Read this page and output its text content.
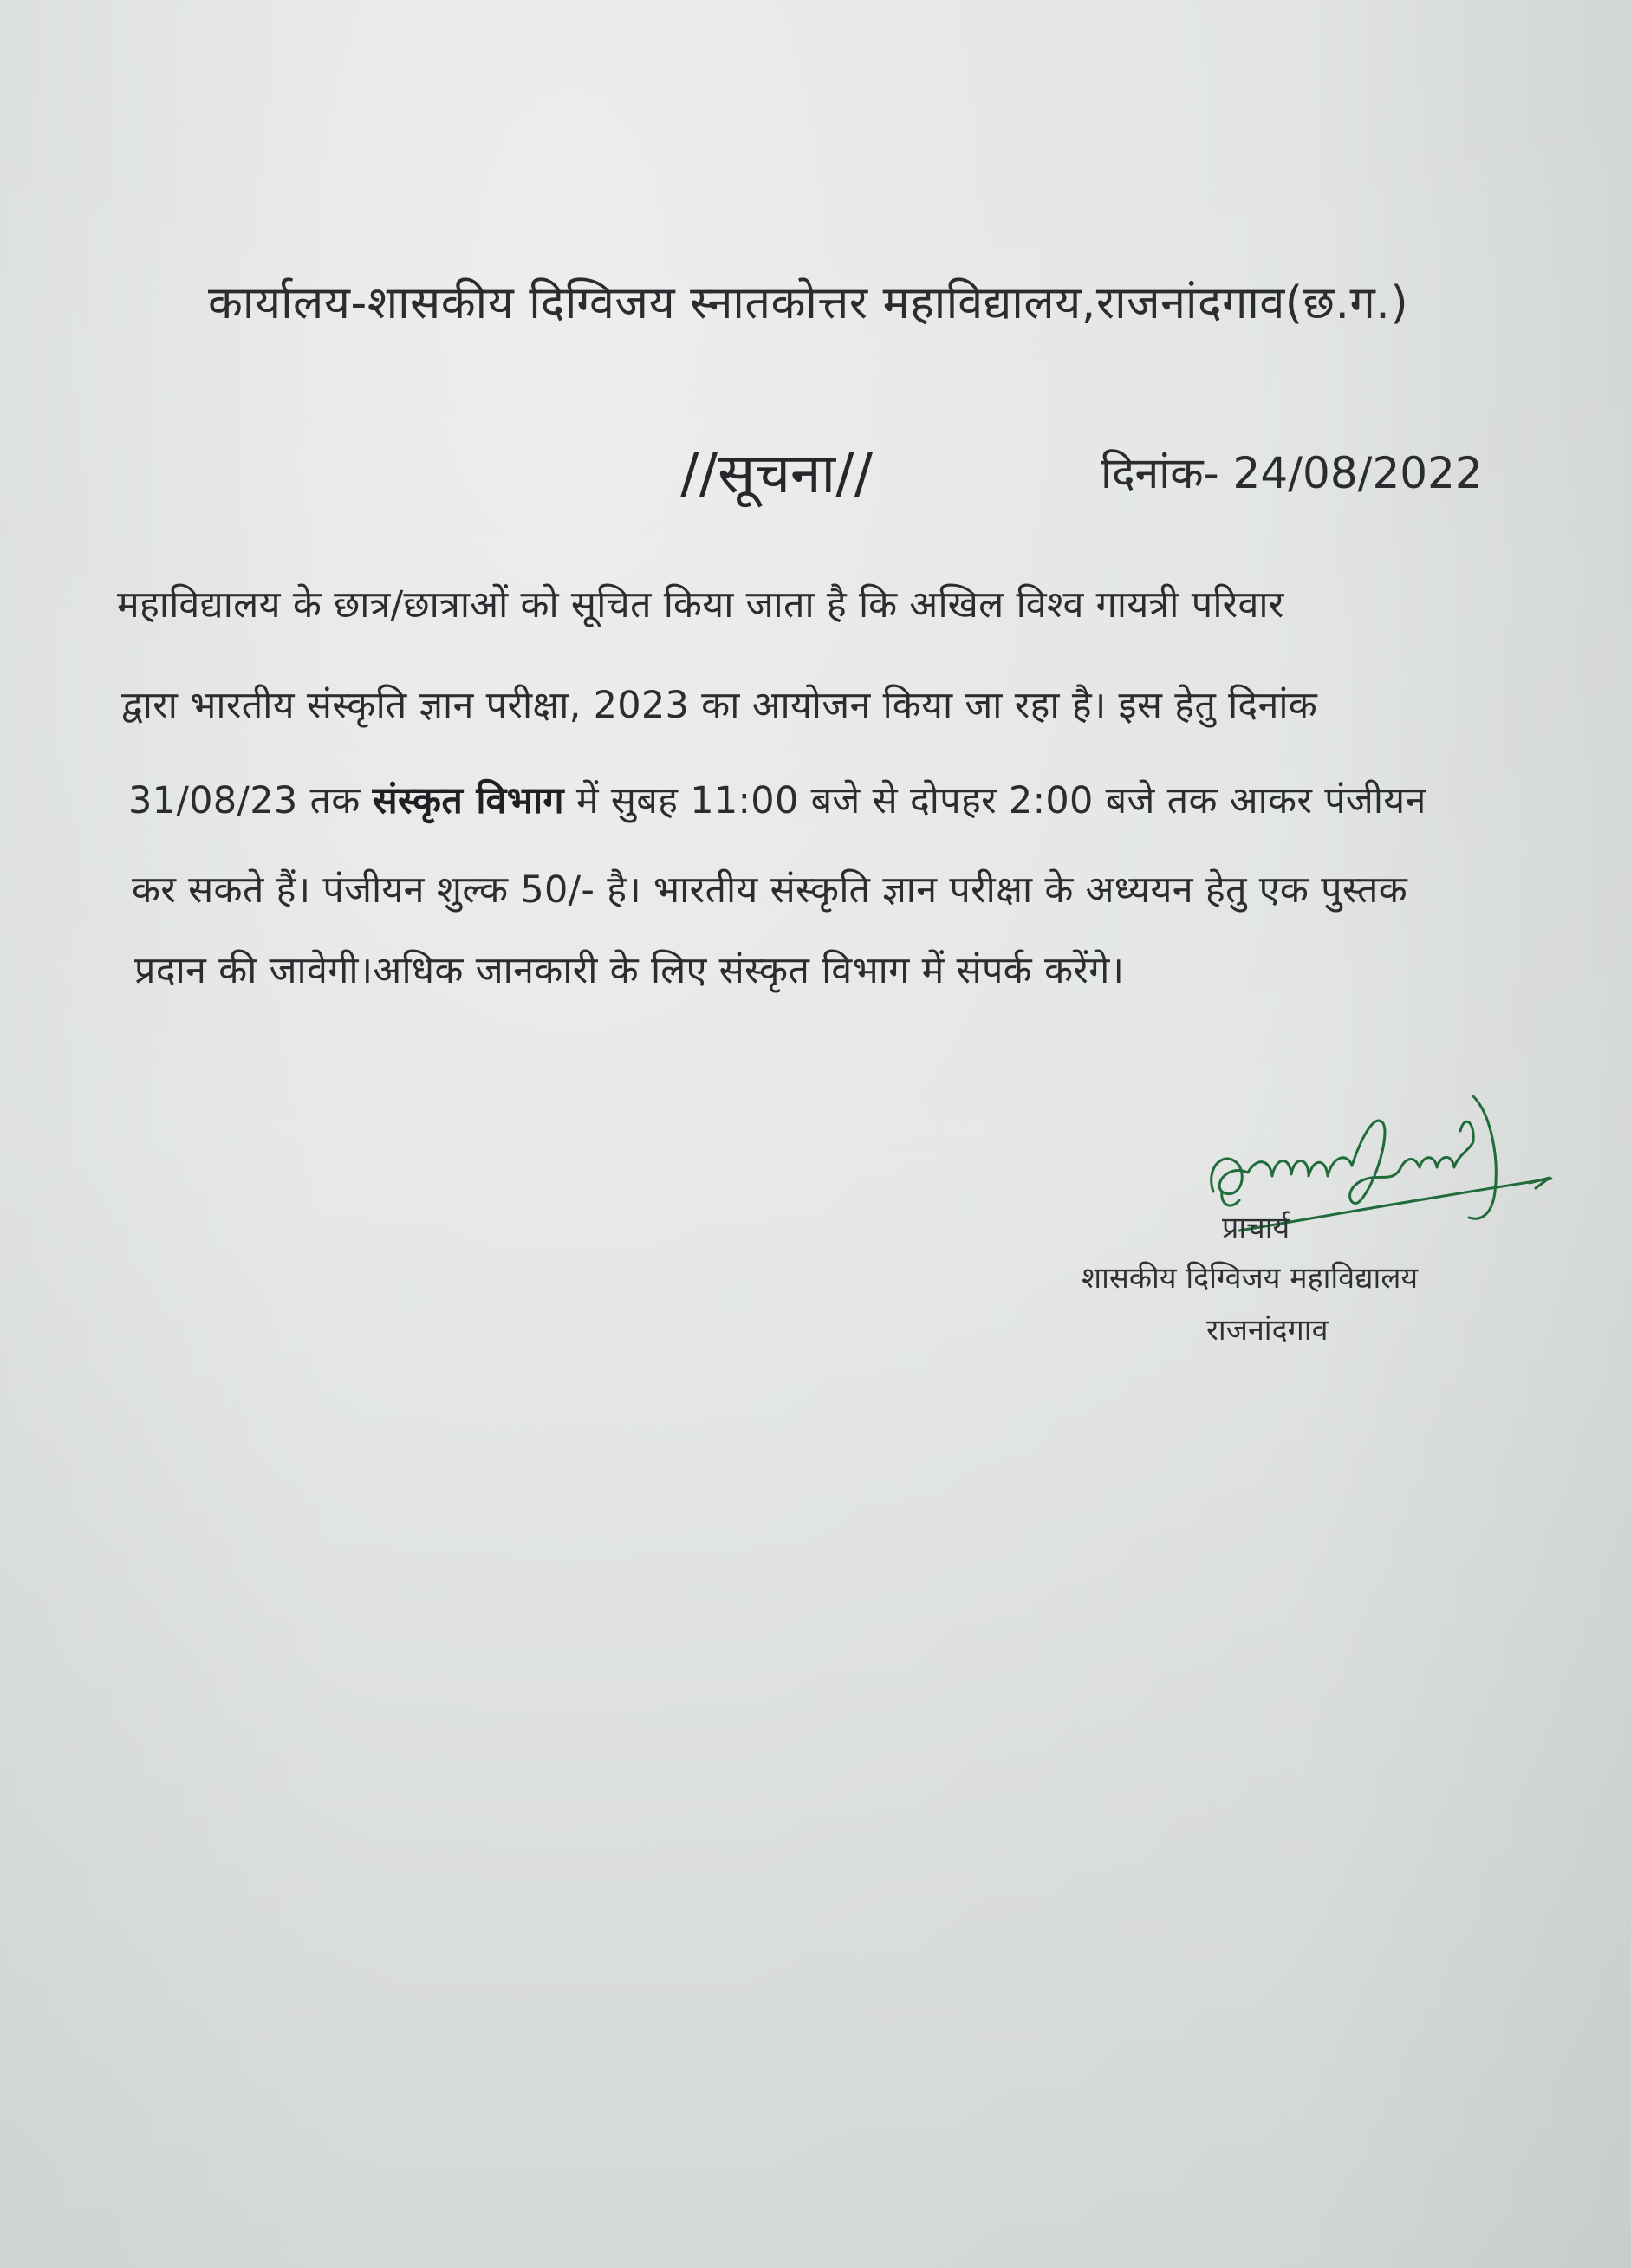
कार्यालय-शासकीय दिग्विजय स्नातकोत्तर महाविद्यालय,राजनांदगाव(छ.ग.)
//सूचना//	दिनांक- 24/08/2022
महाविद्यालय के छात्र/छात्राओं को सूचित किया जाता है कि अखिल विश्व गायत्री परिवार
द्वारा भारतीय संस्कृति ज्ञान परीक्षा, 2023 का आयोजन किया जा रहा है। इस हेतु दिनांक
31/08/23 तक संस्कृत विभाग में सुबह 11:00 बजे से दोपहर 2:00 बजे तक आकर पंजीयन
कर सकते हैं। पंजीयन शुल्क 50/- है। भारतीय संस्कृति ज्ञान परीक्षा के अध्ययन हेतु एक पुस्तक
प्रदान की जावेगी।अधिक जानकारी के लिए संस्कृत विभाग में संपर्क करेंगे।
प्राचार्य
शासकीय दिग्विजय महाविद्यालय
राजनांदगाव
